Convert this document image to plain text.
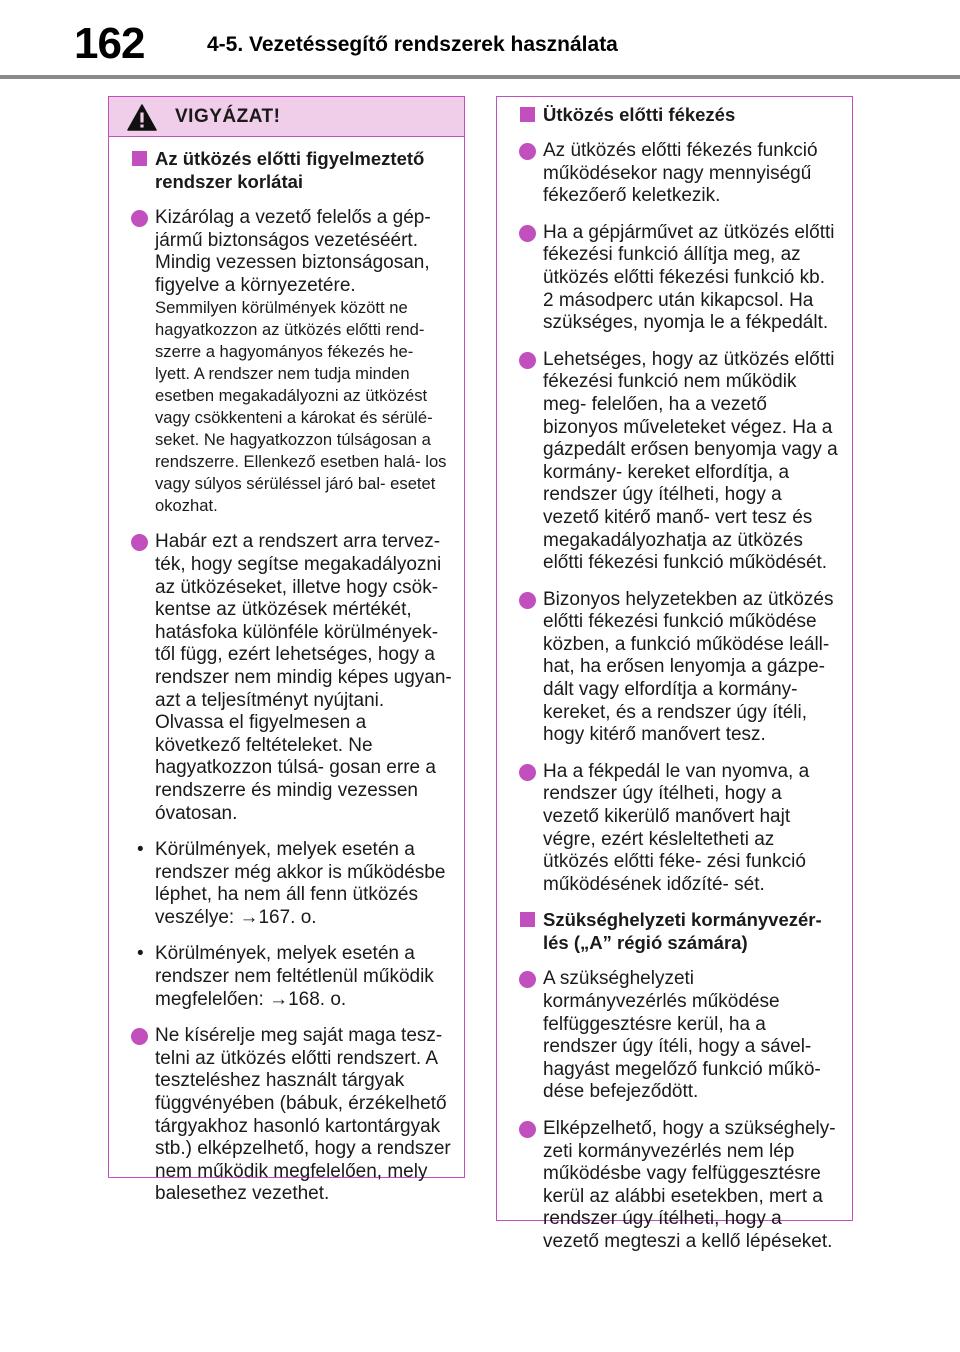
162	4-5. Vezetéssegítő rendszerek használata
VIGYÁZAT!
Az ütközés előtti figyelmeztető rendszer korlátai
Kizárólag a vezető felelős a gép- jármű biztonságos vezetéséért. Mindig vezessen biztonságosan, figyelve a környezetére.
Semmilyen körülmények között ne hagyatkozzon az ütközés előtti rend- szerre a hagyományos fékezés he- lyett. A rendszer nem tudja minden esetben megakadályozni az ütközést vagy csökkenteni a károkat és sérülé- seket. Ne hagyatkozzon túlságosan a rendszerre. Ellenkező esetben halá- los vagy súlyos sérüléssel járó bal- esetet okozhat.
Habár ezt a rendszert arra tervez- ték, hogy segítse megakadályozni az ütközéseket, illetve hogy csök- kentse az ütközések mértékét, hatásfoka különféle körülmények- től függ, ezért lehetséges, hogy a rendszer nem mindig képes ugyan- azt a teljesítményt nyújtani. Olvassa el figyelmesen a következő feltételeket. Ne hagyatkozzon túlsá- gosan erre a rendszerre és mindig vezessen óvatosan.
• Körülmények, melyek esetén a rendszer még akkor is működésbe léphet, ha nem áll fenn ütközés veszélye: →167. o.
• Körülmények, melyek esetén a rendszer nem feltétlenül működik megfelelően: →168. o.
Ne kísérelje meg saját maga tesz- telni az ütközés előtti rendszert. A teszteléshez használt tárgyak függvényében (bábuk, érzékelhető tárgyakhoz hasonló kartontárgyak stb.) elképzelhető, hogy a rendszer nem működik megfelelően, mely balesethez vezethet.
Ütközés előtti fékezés
Az ütközés előtti fékezés funkció működésekor nagy mennyiségű fékezőerő keletkezik.
Ha a gépjárművet az ütközés előtti fékezési funkció állítja meg, az ütközés előtti fékezési funkció kb. 2 másodperc után kikapcsol. Ha szükséges, nyomja le a fékpedált.
Lehetséges, hogy az ütközés előtti fékezési funkció nem működik meg- felelően, ha a vezető bizonyos műveleteket végez. Ha a gázpedált erősen benyomja vagy a kormány- kereket elfordítja, a rendszer úgy ítélheti, hogy a vezető kitérő manő- vert tesz és megakadályozhatja az ütközés előtti fékezési funkció működését.
Bizonyos helyzetekben az ütközés előtti fékezési funkció működése közben, a funkció működése leáll- hat, ha erősen lenyomja a gázpe- dált vagy elfordítja a kormány- kereket, és a rendszer úgy ítéli, hogy kitérő manővert tesz.
Ha a fékpedál le van nyomva, a rendszer úgy ítélheti, hogy a vezető kikerülő manővert hajt végre, ezért késleltetheti az ütközés előtti féke- zési funkció működésének időzíté- sét.
Szükséghelyzeti kormányvezér- lés („A” régió számára)
A szükséghelyzeti kormányvezérlés működése felfüggesztésre kerül, ha a rendszer úgy ítéli, hogy a sável- hagyást megelőző funkció műkö- dése befejeződött.
Elképzelhető, hogy a szükséghely- zeti kormányvezérlés nem lép működésbe vagy felfüggesztésre kerül az alábbi esetekben, mert a rendszer úgy ítélheti, hogy a vezető megteszi a kellő lépéseket.
